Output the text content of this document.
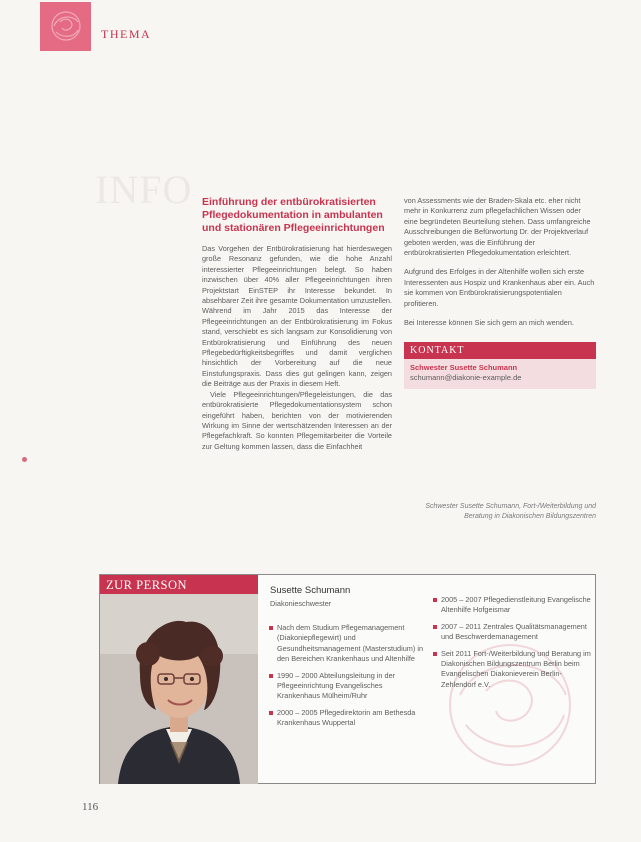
THEMA
INFO Einführung der entbürokratisierten Pflegedokumentation in ambulanten und stationären Pflegeeinrichtungen

Das Vorgehen der Entbürokratisierung hat hierdeswegen große Resonanz gefunden, wie die hohe Anzahl interessierter Pflegeeinrichtungen belegt. So haben inzwischen über 40% aller Pflegeeinrichtungen ihren Projektstart EinSTEP ihr Interesse bekundet. In absehbarer Zeit ihre gesamte Dokumentation umzustellen. Während im Jahr 2015 das Interesse der Pflegeeinrichtungen an der Entbürokratisierung im Fokus stand, verschiebt es sich langsam zur Konsolidierung von Entbürokratisierung und Einführung des neuen Pflegebedürftigkeitsbegriffes und damit verglichen hinsichtlich der Vorbereitung auf die neue Einstufungspraxis. Dass dies gut gelingen kann, zeigen die Beiträge aus der Praxis in diesem Heft.

Viele Pflegeeinrichtungen/Pflegeleistungen, die das entbürokratisierte Pflegedokumentationsystem schon eingeführt haben, berichten von der motivierenden Wirkung im Sinne der wertschätzenden Interessen an der Pflegefachkraft. So konnten Pflegemitarbeiter die Vorteile zur Geltung kommen lassen, dass die Einfachheit

von Assessments wie der Braden-Skala etc. eher nicht mehr in Konkurrenz zum pflegefachlichen Wissen oder eine begründeten Beurteilung stehen. Dass umfangreiche Ausschreibungen die Befürwortung Dr. der Projektverlauf geboten werden, was die Einführung der entbürokratisierten Pflegedokumentation erleichtert.

Aufgrund des Erfolges in der Altenhilfe wollen sich erste Interessenten aus Hospiz und Krankenhaus aber ein. Auch sie kommen von Entbürokratisierungspotentialen profitieren.

Bei Interesse können Sie sich gern an mich wenden.

KONTAKT
Schwester Susette Schumann
schumann@diakonie-example.de
Schwester Susette Schumann, Fort-/Weiterbildung und Beratung in Diakonischen Bildungszentren
ZUR PERSON	Susette Schumann
Diakonieschwester
Nach dem Studium Pflegemanagement (Diakoniepflegewirt) und Gesundheitsmanagement (Masterstudium) in den Bereichen Krankenhaus und Altenhilfe
1990 – 2000 Abteilungsleitung in der Pflegeeinrichtung Evangelisches Krankenhaus Mülheim/Ruhr
2000 – 2005 Pflegedirektorin am Bethesda Krankenhaus Wuppertal
2005 – 2007 Pflegedienstleitung Evangelische Altenhilfe Hofgeismar
2007 – 2011 Zentrales Qualitätsmanagement und Beschwerdemanagement
Seit 2011 Fort-/Weiterbildung und Beratung im Diakonischen Bildungszentrum Berlin beim Evangelischen Diakonieverein Berlin-Zehlendorf e.V.
116
